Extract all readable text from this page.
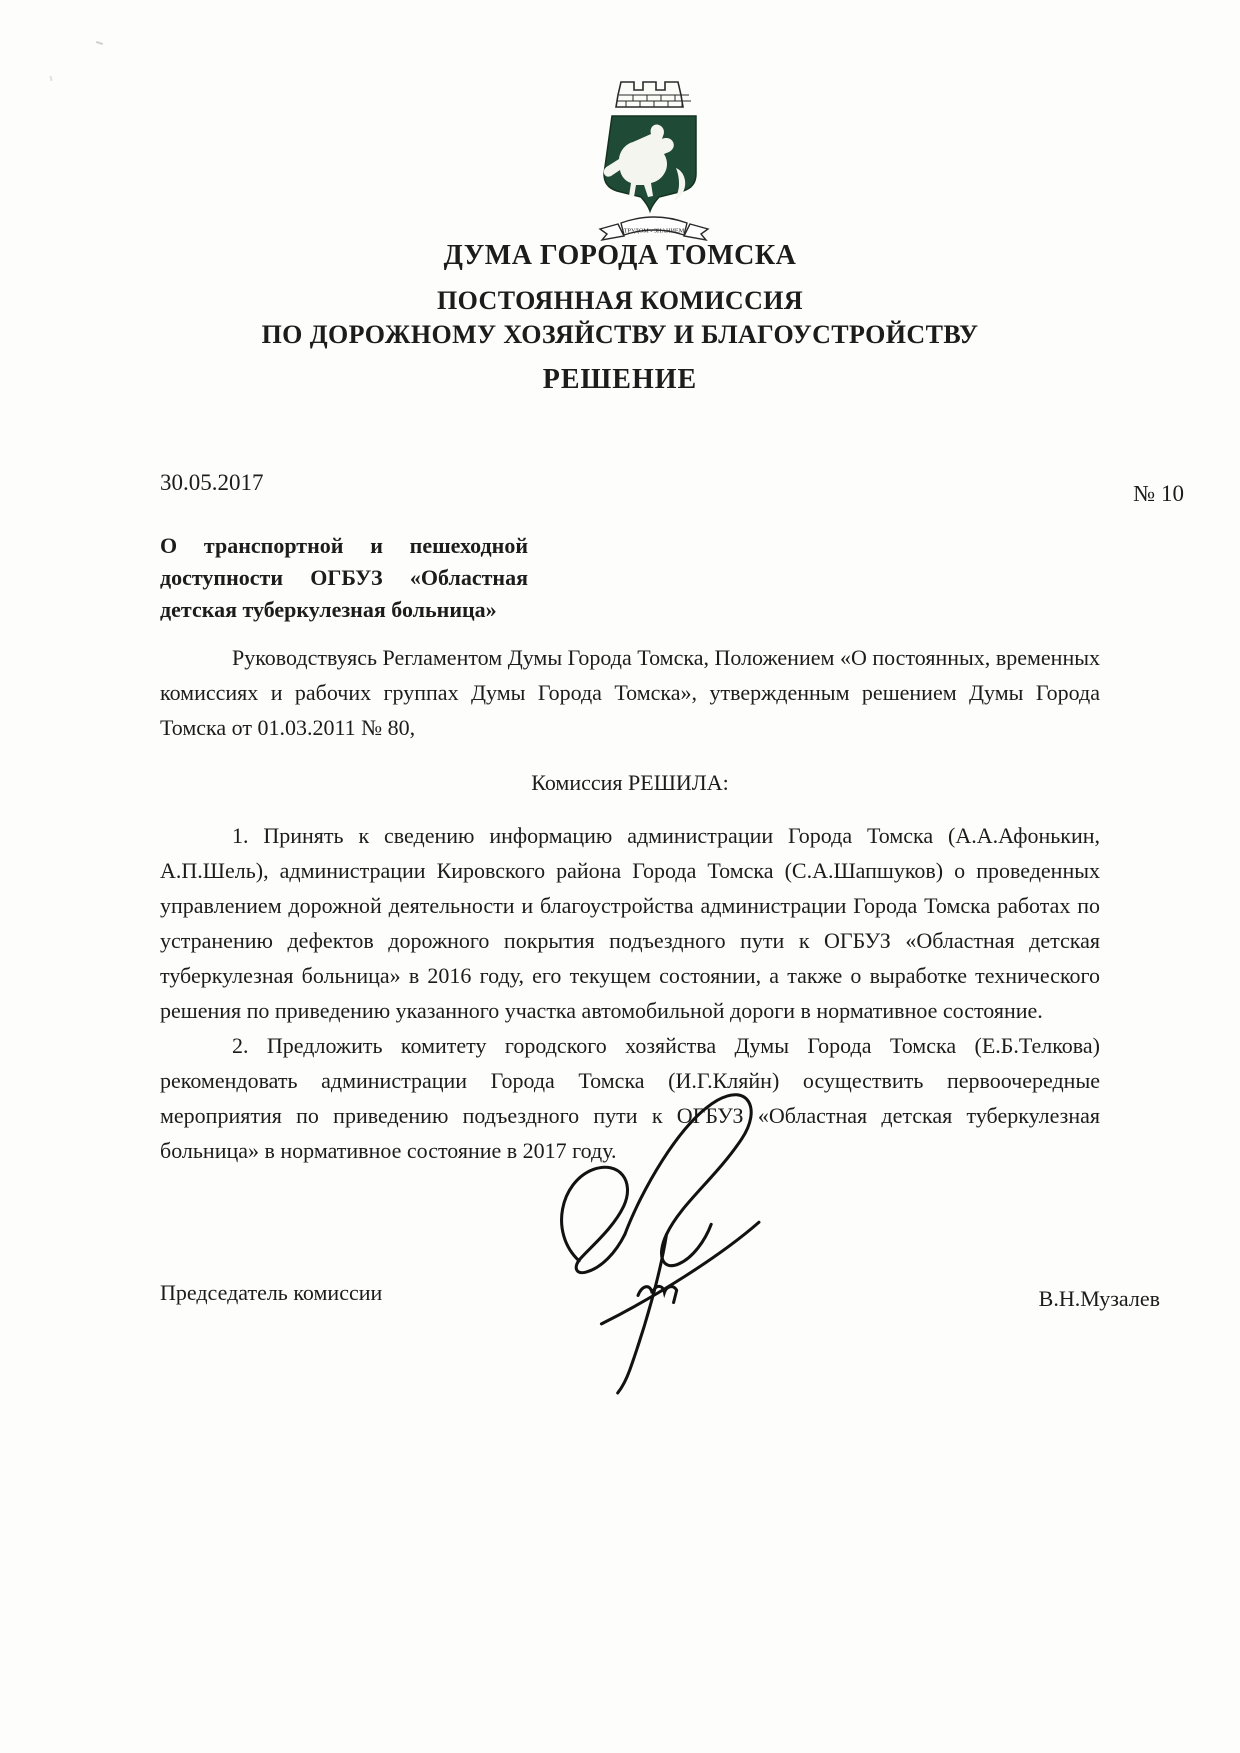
ТРУДОМ - ЗНАНИЕМ
ДУМА ГОРОДА ТОМСКА
ПОСТОЯННАЯ КОМИССИЯ
ПО ДОРОЖНОМУ ХОЗЯЙСТВУ И БЛАГОУСТРОЙСТВУ
РЕШЕНИЕ
30.05.2017	№ 10
О транспортной и пешеходной доступности ОГБУЗ «Областная детская туберкулезная больница»

Руководствуясь Регламентом Думы Города Томска, Положением «О постоянных, временных комиссиях и рабочих группах Думы Города Томска», утвержденным решением Думы Города Томска от 01.03.2011 № 80,

Комиссия РЕШИЛА:

1. Принять к сведению информацию администрации Города Томска (А.А.Афонькин, А.П.Шель), администрации Кировского района Города Томска (С.А.Шапшуков) о проведенных управлением дорожной деятельности и благоустройства администрации Города Томска работах по устранению дефектов дорожного покрытия подъездного пути к ОГБУЗ «Областная детская туберкулезная больница» в 2016 году, его текущем состоянии, а также о выработке технического решения по приведению указанного участка автомобильной дороги в нормативное состояние.

2. Предложить комитету городского хозяйства Думы Города Томска (Е.Б.Телкова) рекомендовать администрации Города Томска (И.Г.Кляйн) осуществить первоочередные мероприятия по приведению подъездного пути к ОГБУЗ «Областная детская туберкулезная больница» в нормативное состояние в 2017 году.

Председатель комиссии	В.Н.Музалев
